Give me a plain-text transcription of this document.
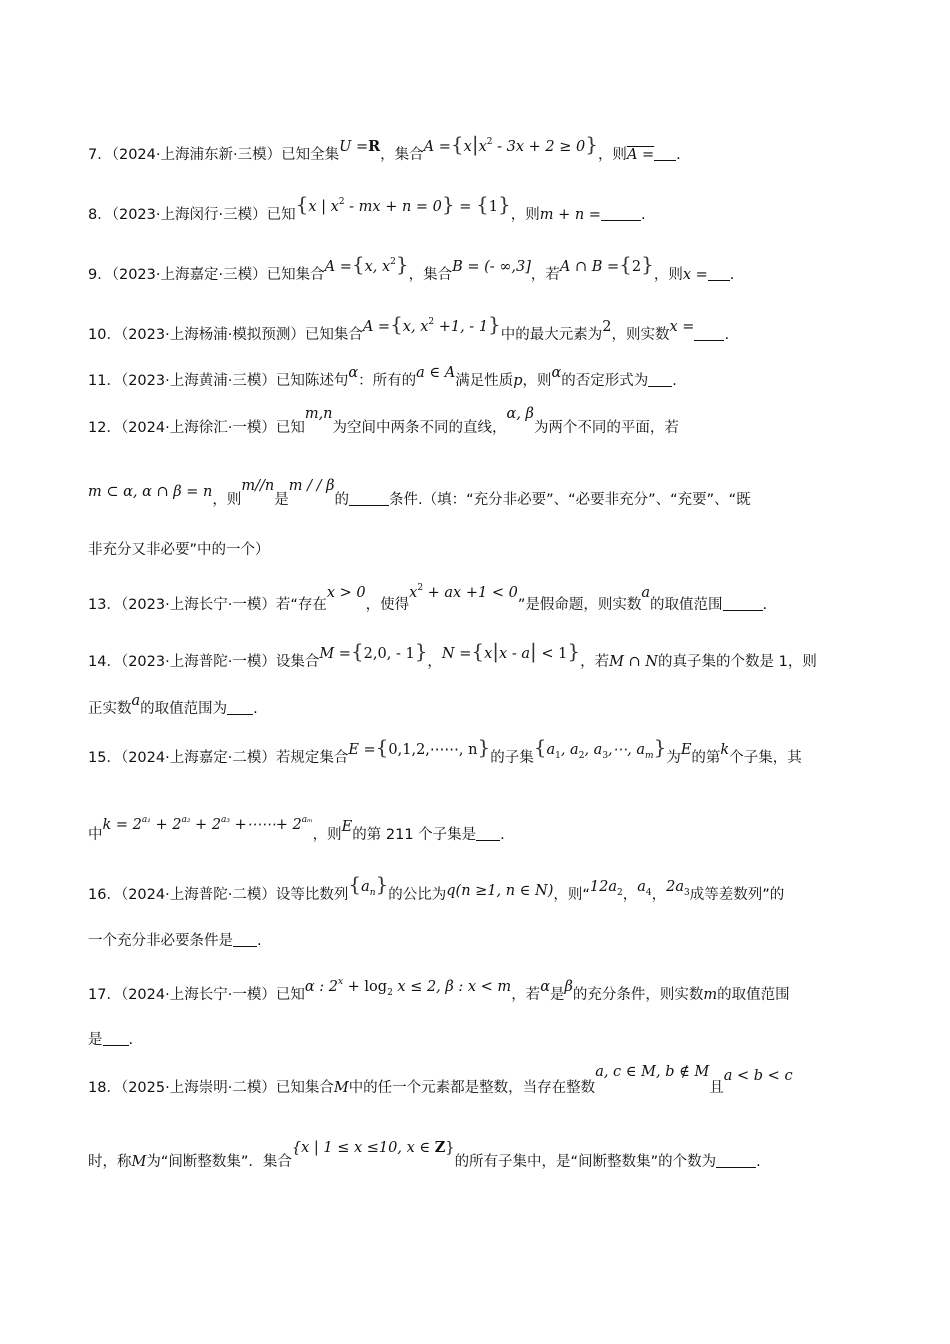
7．（2024·上海浦东新·三模）已知全集U =R，集合$A =\{x|x^2 - 3x + 2 \ge 0\}$，则A = .
8．（2023·上海闵行·三模）已知{x | $x^2$ - mx + n = 0} = {1}，则m + n =	.
9．（2023·上海嘉定·三模）已知集合A ={x, $x^2$}，集合B = (- ∞,3]，若A ∩ B ={2}，则x = .
10．（2023·上海杨浦·模拟预测）已知集合A ={x, $x^2 +1$, - 1}中的最大元素为2，则实数x = .
11．（2023·上海黄浦·三模）已知陈述句α：所有的a ∈ A满足性质p，则α的否定形式为 .
12．（2024·上海徐汇·一模）已知m,n为空间中两条不同的直线，α, β为两个不同的平面，若
m ⊂ α, α ∩ β = n，则m//n是m / / β的	条件.（填：“充分非必要”、“必要非充分”、“充要”、“既
非充分又非必要”中的一个）
13．（2023·上海长宁·一模）若“存在x > 0，使得$x^2$ + ax +1 < 0”是假命题，则实数a的取值范围	.
14．（2023·上海普陀·一模）设集合M ={2,0, - 1}，N ={x|x - a| < 1}，若M ∩ N的真子集的个数是 1，则
正实数a的取值范围为 .
15．（2024·上海嘉定·二模）若规定集合E ={0,1,2,⋯⋯, n}的子集{$a_1$, $a_2$, $a_3,\cdots$, $a_m$}为E的第k个子集，其
中$k = 2^{a_1} + 2^{a_2} + 2^{a_3}$ +⋯⋯+ $2^{a_m}$，则E的第 211 个子集是 .
16．（2024·上海普陀·二模）设等比数列$\{a_n\}$的公比为q(n ≥1, n ∈ N)，则“$12a_2$，$a_4$，$2a_3$成等差数列”的
一个充分非必要条件是 .
17．（2024·上海长宁·一模）已知α : $2^x + \log_2 x \le 2$, β : x < m，若α是β的充分条件，则实数m的取值范围
是 .
18．（2025·上海崇明·二模）已知集合M中的任一个元素都是整数，当存在整数a, c ∈ M, b ∉ M且a < b < c
时，称M为“间断整数集”．集合{x | 1 ≤ x ≤10, x ∈ Z}的所有子集中，是“间断整数集”的个数为	.
